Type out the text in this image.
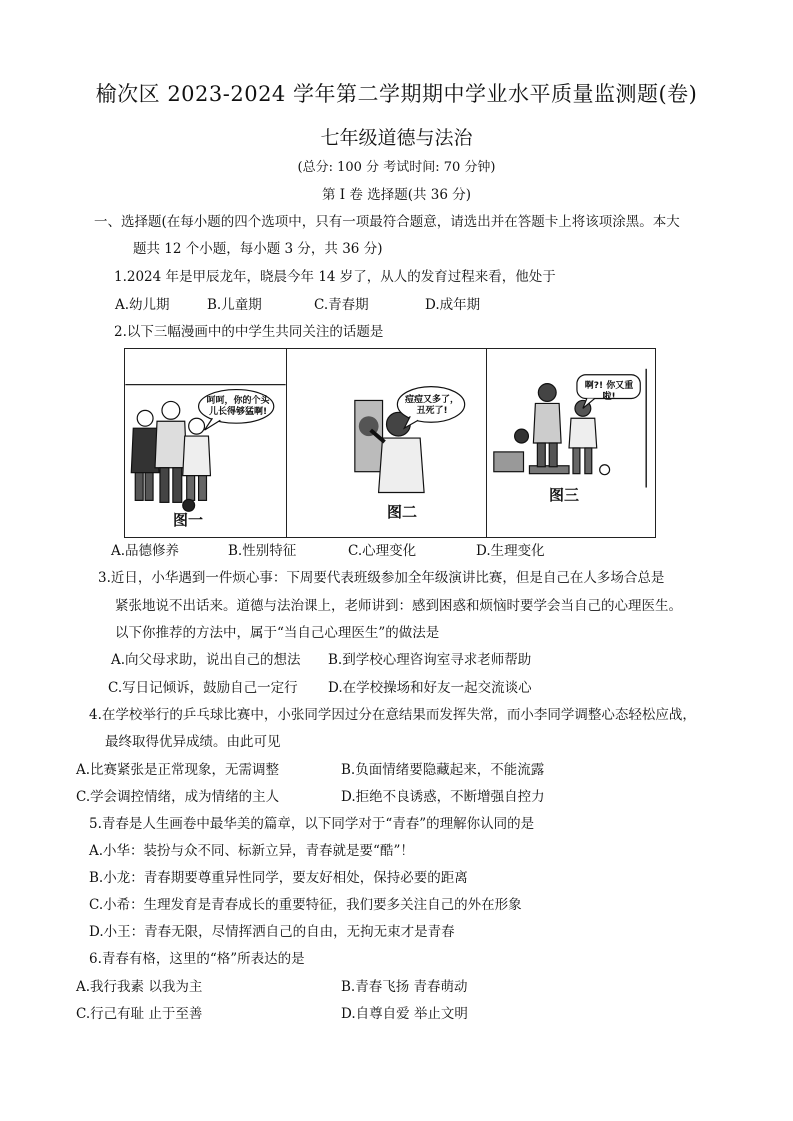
榆次区 2023-2024 学年第二学期期中学业水平质量监测题(卷)
七年级道德与法治
(总分: 100 分 考试时间: 70 分钟)
第 I 卷 选择题(共 36 分)
一、选择题(在每小题的四个选项中，只有一项最符合题意，请选出并在答题卡上将该项涂黑。本大
题共 12 个小题，每小题 3 分，共 36 分)
1.2024 年是甲辰龙年，晓晨今年 14 岁了，从人的发育过程来看，他处于
A.幼儿期	B.儿童期	C.青春期	D.成年期
2.以下三幅漫画中的中学生共同关注的话题是
呵呵，你的个头儿长得够猛啊!
图一
痘痘又多了，丑死了!
图二
啊?! 你又重啦!
图三
A.品德修养	B.性别特征	C.心理变化	D.生理变化
3.近日，小华遇到一件烦心事：下周要代表班级参加全年级演讲比赛，但是自己在人多场合总是
紧张地说不出话来。道德与法治课上，老师讲到：感到困惑和烦恼时要学会当自己的心理医生。
以下你推荐的方法中，属于“当自己心理医生”的做法是
A.向父母求助，说出自己的想法 B.到学校心理咨询室寻求老师帮助
C.写日记倾诉，鼓励自己一定行 D.在学校操场和好友一起交流谈心
4.在学校举行的乒乓球比赛中，小张同学因过分在意结果而发挥失常，而小李同学调整心态轻松应战，
最终取得优异成绩。由此可见
A.比赛紧张是正常现象，无需调整	B.负面情绪要隐藏起来，不能流露
C.学会调控情绪，成为情绪的主人	D.拒绝不良诱惑，不断增强自控力
5.青春是人生画卷中最华美的篇章，以下同学对于“青春”的理解你认同的是
A.小华：装扮与众不同、标新立异，青春就是要“酷”！
B.小龙：青春期要尊重异性同学，要友好相处，保持必要的距离
C.小希：生理发育是青春成长的重要特征，我们要多关注自己的外在形象
D.小王：青春无限，尽情挥洒自己的自由，无拘无束才是青春
6.青春有格，这里的“格”所表达的是
A.我行我素 以我为主	B.青春飞扬 青春萌动
C.行己有耻 止于至善	D.自尊自爱 举止文明
